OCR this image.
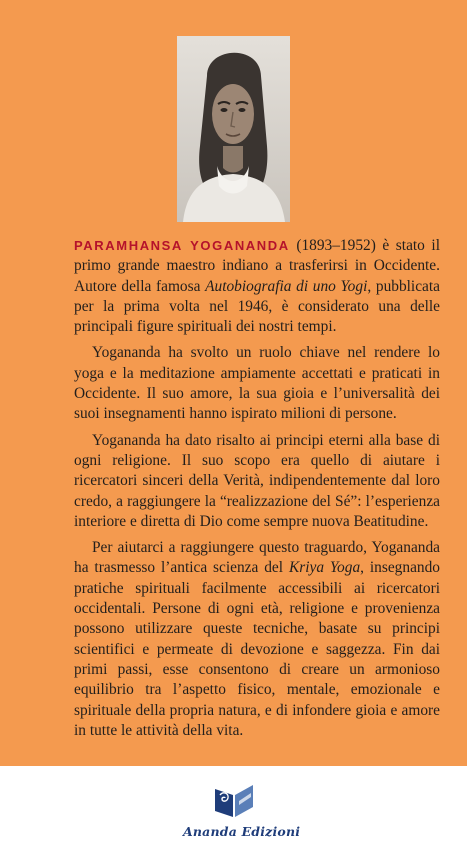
PARAMHANSA YOGANANDA (1893–1952) è stato il primo grande maestro indiano a trasferirsi in Occidente. Autore della famosa Autobiografia di uno Yogi, pubblicata per la prima volta nel 1946, è considerato una delle principali figure spirituali dei nostri tempi.

Yogananda ha svolto un ruolo chiave nel rendere lo yoga e la meditazione ampiamente accettati e praticati in Occidente. Il suo amore, la sua gioia e l’universalità dei suoi insegnamenti hanno ispirato milioni di persone.

Yogananda ha dato risalto ai principi eterni alla base di ogni religione. Il suo scopo era quello di aiutare i ricercatori sinceri della Verità, indipendentemente dal loro credo, a raggiungere la “realizzazione del Sé”: l’esperienza interiore e diretta di Dio come sempre nuova Beatitudine.

Per aiutarci a raggiungere questo traguardo, Yogananda ha trasmesso l’antica scienza del Kriya Yoga, insegnando pratiche spirituali facilmente accessibili ai ricercatori occidentali. Persone di ogni età, religione e provenienza possono utilizzare queste tecniche, basate su principi scientifici e permeate di devozione e saggezza. Fin dai primi passi, esse consentono di creare un armonioso equilibrio tra l’aspetto fisico, mentale, emozionale e spirituale della propria natura, e di infondere gioia e amore in tutte le attività della vita.

Ananda Edizioni
